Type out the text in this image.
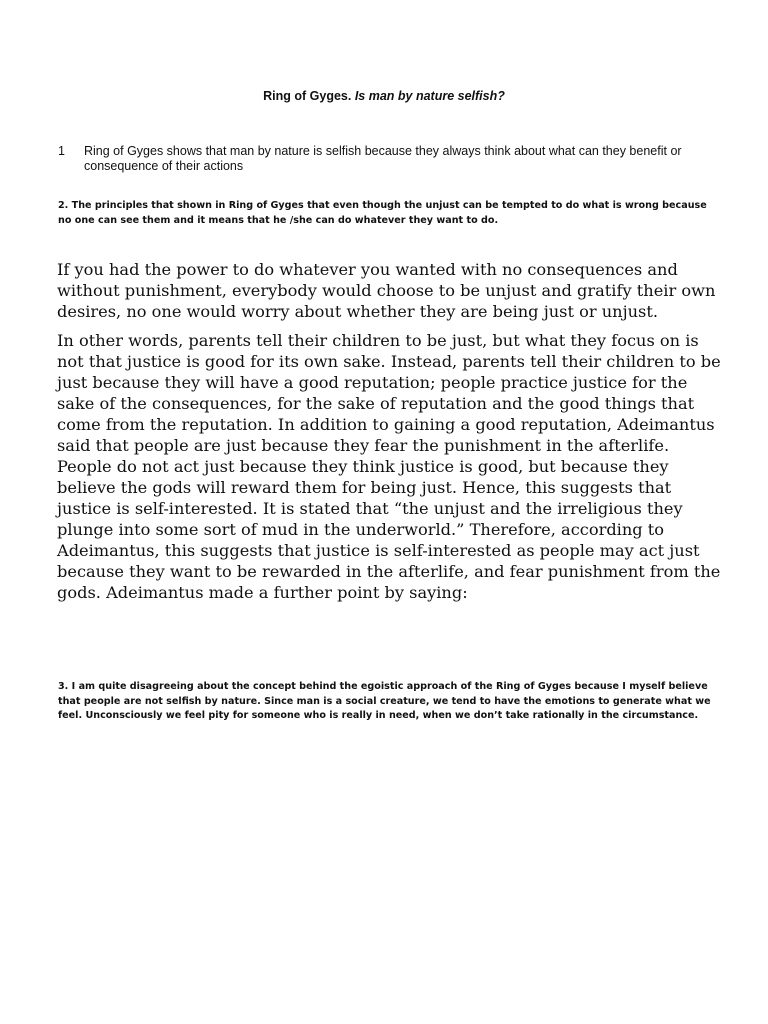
Ring of Gyges. Is man by nature selfish?
1 Ring of Gyges shows that man by nature is selfish because they always think about what can they benefit or consequence of their actions
2. The principles that shown in Ring of Gyges that even though the unjust can be tempted to do what is wrong because no one can see them and it means that he /she can do whatever they want to do.

If you had the power to do whatever you wanted with no consequences and without punishment, everybody would choose to be unjust and gratify their own desires, no one would worry about whether they are being just or unjust.

In other words, parents tell their children to be just, but what they focus on is not that justice is good for its own sake. Instead, parents tell their children to be just because they will have a good reputation; people practice justice for the sake of the consequences, for the sake of reputation and the good things that come from the reputation. In addition to gaining a good reputation, Adeimantus said that people are just because they fear the punishment in the afterlife. People do not act just because they think justice is good, but because they believe the gods will reward them for being just. Hence, this suggests that justice is self-interested. It is stated that “the unjust and the irreligious they plunge into some sort of mud in the underworld.” Therefore, according to Adeimantus, this suggests that justice is self-interested as people may act just because they want to be rewarded in the afterlife, and fear punishment from the gods. Adeimantus made a further point by saying:

3. I am quite disagreeing about the concept behind the egoistic approach of the Ring of Gyges because I myself believe that people are not selfish by nature. Since man is a social creature, we tend to have the emotions to generate what we feel. Unconsciously we feel pity for someone who is really in need, when we don’t take rationally in the circumstance.
